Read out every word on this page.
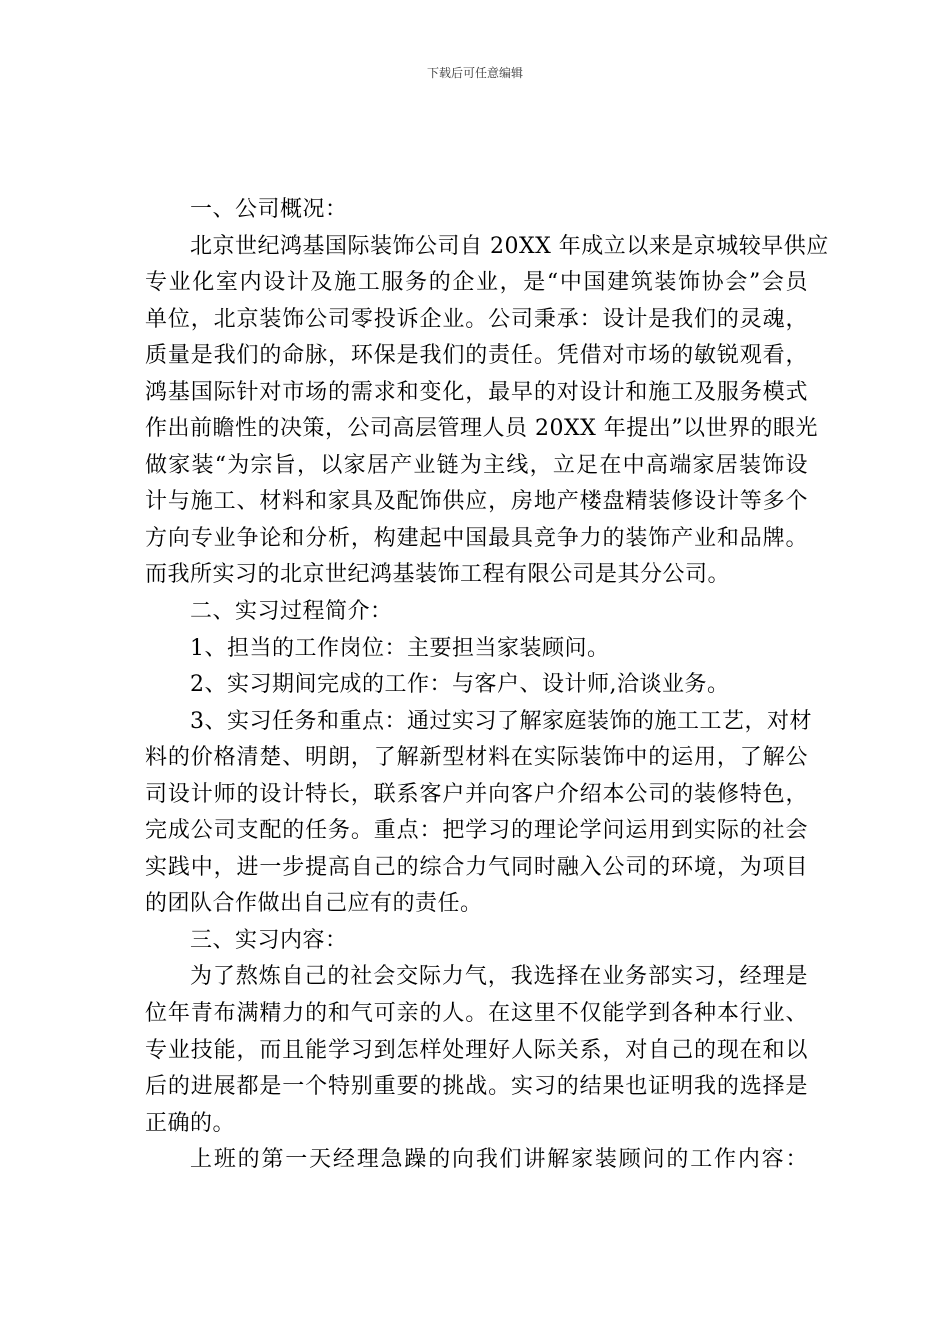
下载后可任意编辑
一、公司概况：
北京世纪鸿基国际装饰公司自 20XX 年成立以来是京城较早供应
专业化室内设计及施工服务的企业，是“中国建筑装饰协会”会员
单位，北京装饰公司零投诉企业。公司秉承：设计是我们的灵魂，
质量是我们的命脉，环保是我们的责任。凭借对市场的敏锐观看，
鸿基国际针对市场的需求和变化，最早的对设计和施工及服务模式
作出前瞻性的决策，公司高层管理人员 20XX 年提出”以世界的眼光
做家装“为宗旨，以家居产业链为主线，立足在中高端家居装饰设
计与施工、材料和家具及配饰供应，房地产楼盘精装修设计等多个
方向专业争论和分析，构建起中国最具竞争力的装饰产业和品牌。
而我所实习的北京世纪鸿基装饰工程有限公司是其分公司。
二、实习过程简介：
1、担当的工作岗位：主要担当家装顾问。
2、实习期间完成的工作：与客户、设计师,洽谈业务。
3、实习任务和重点：通过实习了解家庭装饰的施工工艺，对材
料的价格清楚、明朗，了解新型材料在实际装饰中的运用，了解公
司设计师的设计特长，联系客户并向客户介绍本公司的装修特色，
完成公司支配的任务。重点：把学习的理论学问运用到实际的社会
实践中，进一步提高自己的综合力气同时融入公司的环境，为项目
的团队合作做出自己应有的责任。
三、实习内容：
为了熬炼自己的社会交际力气，我选择在业务部实习，经理是
位年青布满精力的和气可亲的人。在这里不仅能学到各种本行业、
专业技能，而且能学习到怎样处理好人际关系，对自己的现在和以
后的进展都是一个特别重要的挑战。实习的结果也证明我的选择是
正确的。
上班的第一天经理急躁的向我们讲解家装顾问的工作内容：
